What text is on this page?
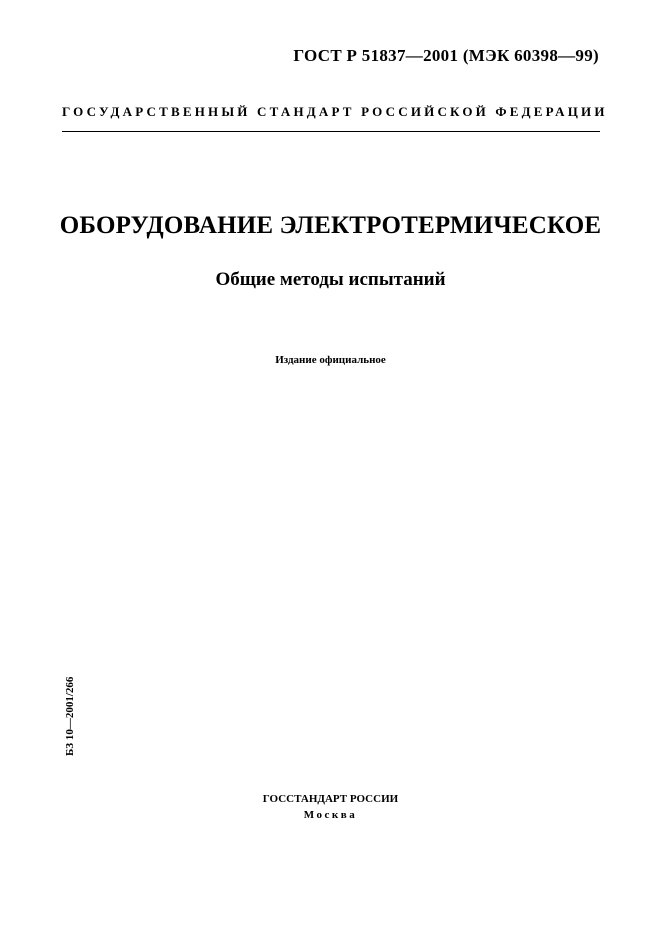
ГОСТ Р 51837—2001 (МЭК 60398—99)
ГОСУДАРСТВЕННЫЙ СТАНДАРТ РОССИЙСКОЙ ФЕДЕРАЦИИ
ОБОРУДОВАНИЕ ЭЛЕКТРОТЕРМИЧЕСКОЕ
Общие методы испытаний
Издание официальное
БЗ 10—2001/266
ГОССТАНДАРТ РОССИИ
Москва
